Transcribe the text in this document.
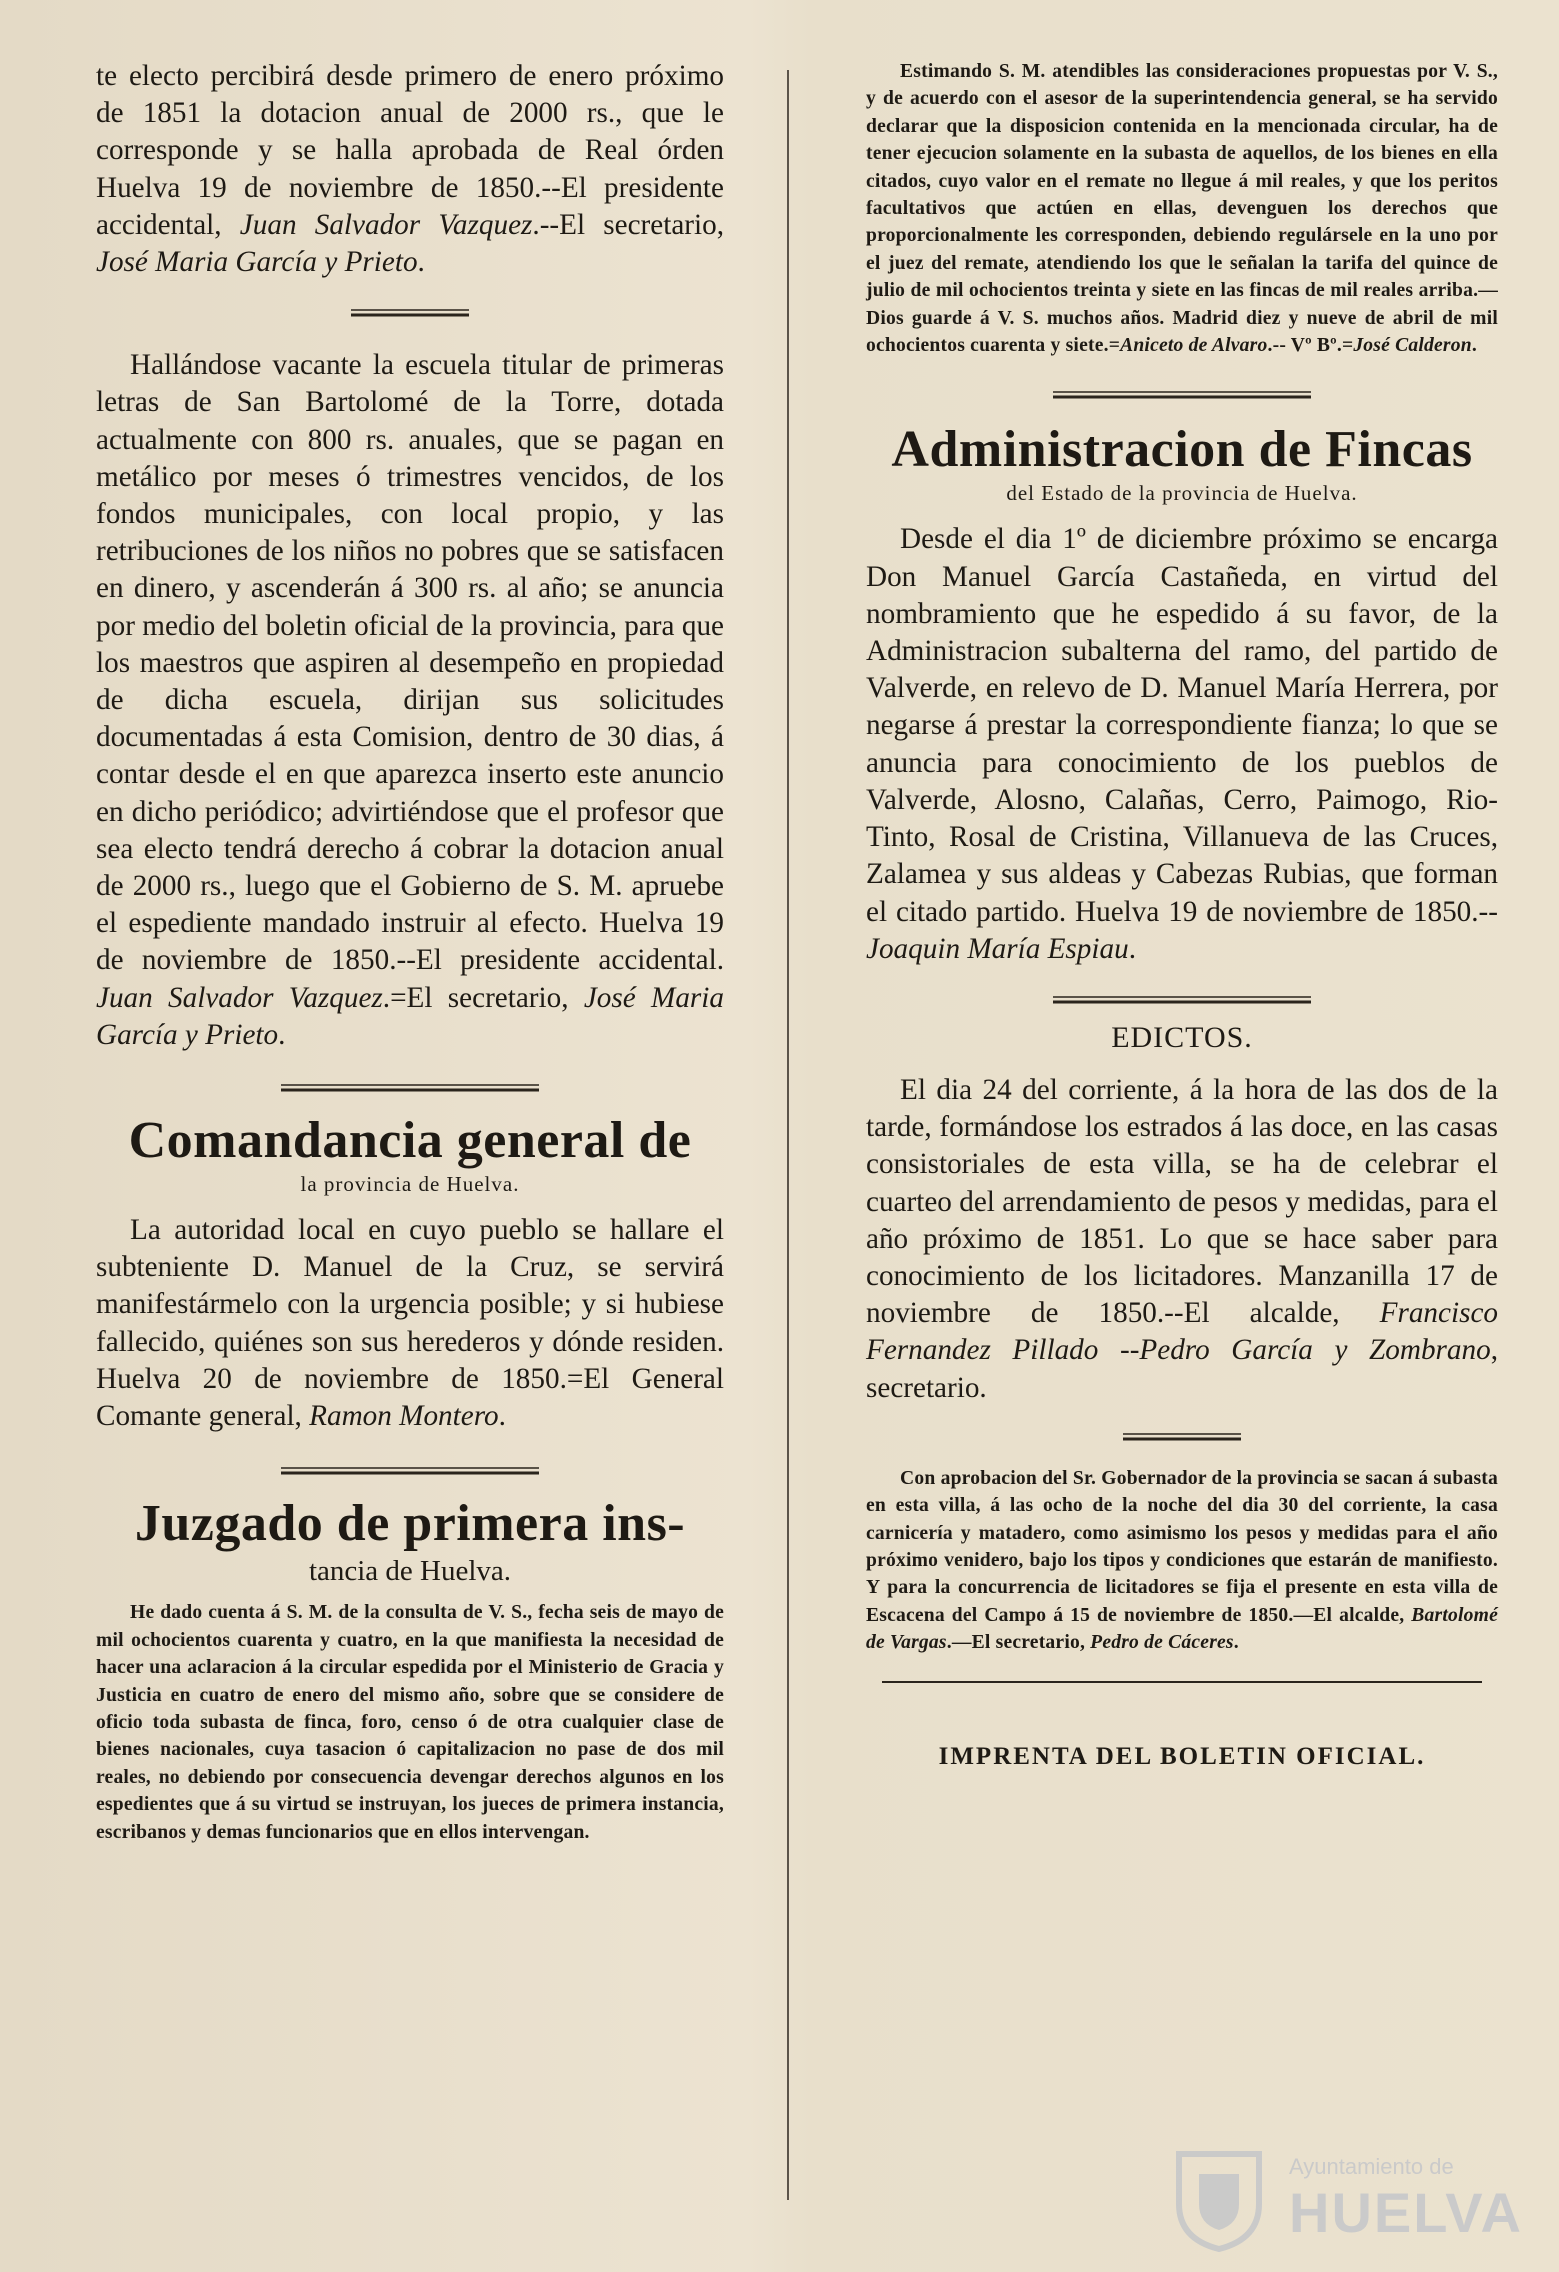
te electo percibirá desde primero de enero próximo de 1851 la dotacion anual de 2000 rs., que le corresponde y se halla aprobada de Real órden Huelva 19 de noviembre de 1850.--El presidente accidental, Juan Salvador Vazquez.--El secretario, José Maria García y Prieto.

Hallándose vacante la escuela titular de primeras letras de San Bartolomé de la Torre, dotada actualmente con 800 rs. anuales, que se pagan en metálico por meses ó trimestres vencidos, de los fondos municipales, con local propio, y las retribuciones de los niños no pobres que se satisfacen en dinero, y ascenderán á 300 rs. al año; se anuncia por medio del boletin oficial de la provincia, para que los maestros que aspiren al desempeño en propiedad de dicha escuela, dirijan sus solicitudes documentadas á esta Comision, dentro de 30 dias, á contar desde el en que aparezca inserto este anuncio en dicho periódico; advirtiéndose que el profesor que sea electo tendrá derecho á cobrar la dotacion anual de 2000 rs., luego que el Gobierno de S. M. apruebe el espediente mandado instruir al efecto. Huelva 19 de noviembre de 1850.--El presidente accidental. Juan Salvador Vazquez.=El secretario, José Maria García y Prieto.

Comandancia general de
la provincia de Huelva.

La autoridad local en cuyo pueblo se hallare el subteniente D. Manuel de la Cruz, se servirá manifestármelo con la urgencia posible; y si hubiese fallecido, quiénes son sus herederos y dónde residen. Huelva 20 de noviembre de 1850.=El General Comante general, Ramon Montero.

Juzgado de primera ins-
tancia de Huelva.

He dado cuenta á S. M. de la consulta de V. S., fecha seis de mayo de mil ochocientos cuarenta y cuatro, en la que manifiesta la necesidad de hacer una aclaracion á la circular espedida por el Ministerio de Gracia y Justicia en cuatro de enero del mismo año, sobre que se considere de oficio toda subasta de finca, foro, censo ó de otra cualquier clase de bienes nacionales, cuya tasacion ó capitalizacion no pase de dos mil reales, no debiendo por consecuencia devengar derechos algunos en los espedientes que á su virtud se instruyan, los jueces de primera instancia, escribanos y demas funcionarios que en ellos intervengan.

Estimando S. M. atendibles las consideraciones propuestas por V. S., y de acuerdo con el asesor de la superintendencia general, se ha servido declarar que la disposicion contenida en la mencionada circular, ha de tener ejecucion solamente en la subasta de aquellos, de los bienes en ella citados, cuyo valor en el remate no llegue á mil reales, y que los peritos facultativos que actúen en ellas, devenguen los derechos que proporcionalmente les corresponden, debiendo regulársele en la uno por el juez del remate, atendiendo los que le señalan la tarifa del quince de julio de mil ochocientos treinta y siete en las fincas de mil reales arriba.—Dios guarde á V. S. muchos años. Madrid diez y nueve de abril de mil ochocientos cuarenta y siete.=Aniceto de Alvaro.-- Vº Bº.=José Calderon.

Administracion de Fincas
del Estado de la provincia de Huelva.

Desde el dia 1º de diciembre próximo se encarga Don Manuel García Castañeda, en virtud del nombramiento que he espedido á su favor, de la Administracion subalterna del ramo, del partido de Valverde, en relevo de D. Manuel María Herrera, por negarse á prestar la correspondiente fianza; lo que se anuncia para conocimiento de los pueblos de Valverde, Alosno, Calañas, Cerro, Paimogo, Rio-Tinto, Rosal de Cristina, Villanueva de las Cruces, Zalamea y sus aldeas y Cabezas Rubias, que forman el citado partido. Huelva 19 de noviembre de 1850.--Joaquin María Espiau.

EDICTOS.

El dia 24 del corriente, á la hora de las dos de la tarde, formándose los estrados á las doce, en las casas consistoriales de esta villa, se ha de celebrar el cuarteo del arrendamiento de pesos y medidas, para el año próximo de 1851. Lo que se hace saber para conocimiento de los licitadores. Manzanilla 17 de noviembre de 1850.--El alcalde, Francisco Fernandez Pillado --Pedro García y Zombrano, secretario.

Con aprobacion del Sr. Gobernador de la provincia se sacan á subasta en esta villa, á las ocho de la noche del dia 30 del corriente, la casa carnicería y matadero, como asimismo los pesos y medidas para el año próximo venidero, bajo los tipos y condiciones que estarán de manifiesto. Y para la concurrencia de licitadores se fija el presente en esta villa de Escacena del Campo á 15 de noviembre de 1850.—El alcalde, Bartolomé de Vargas.—El secretario, Pedro de Cáceres.

IMPRENTA DEL BOLETIN OFICIAL.
Ayuntamiento de
HUELVA
